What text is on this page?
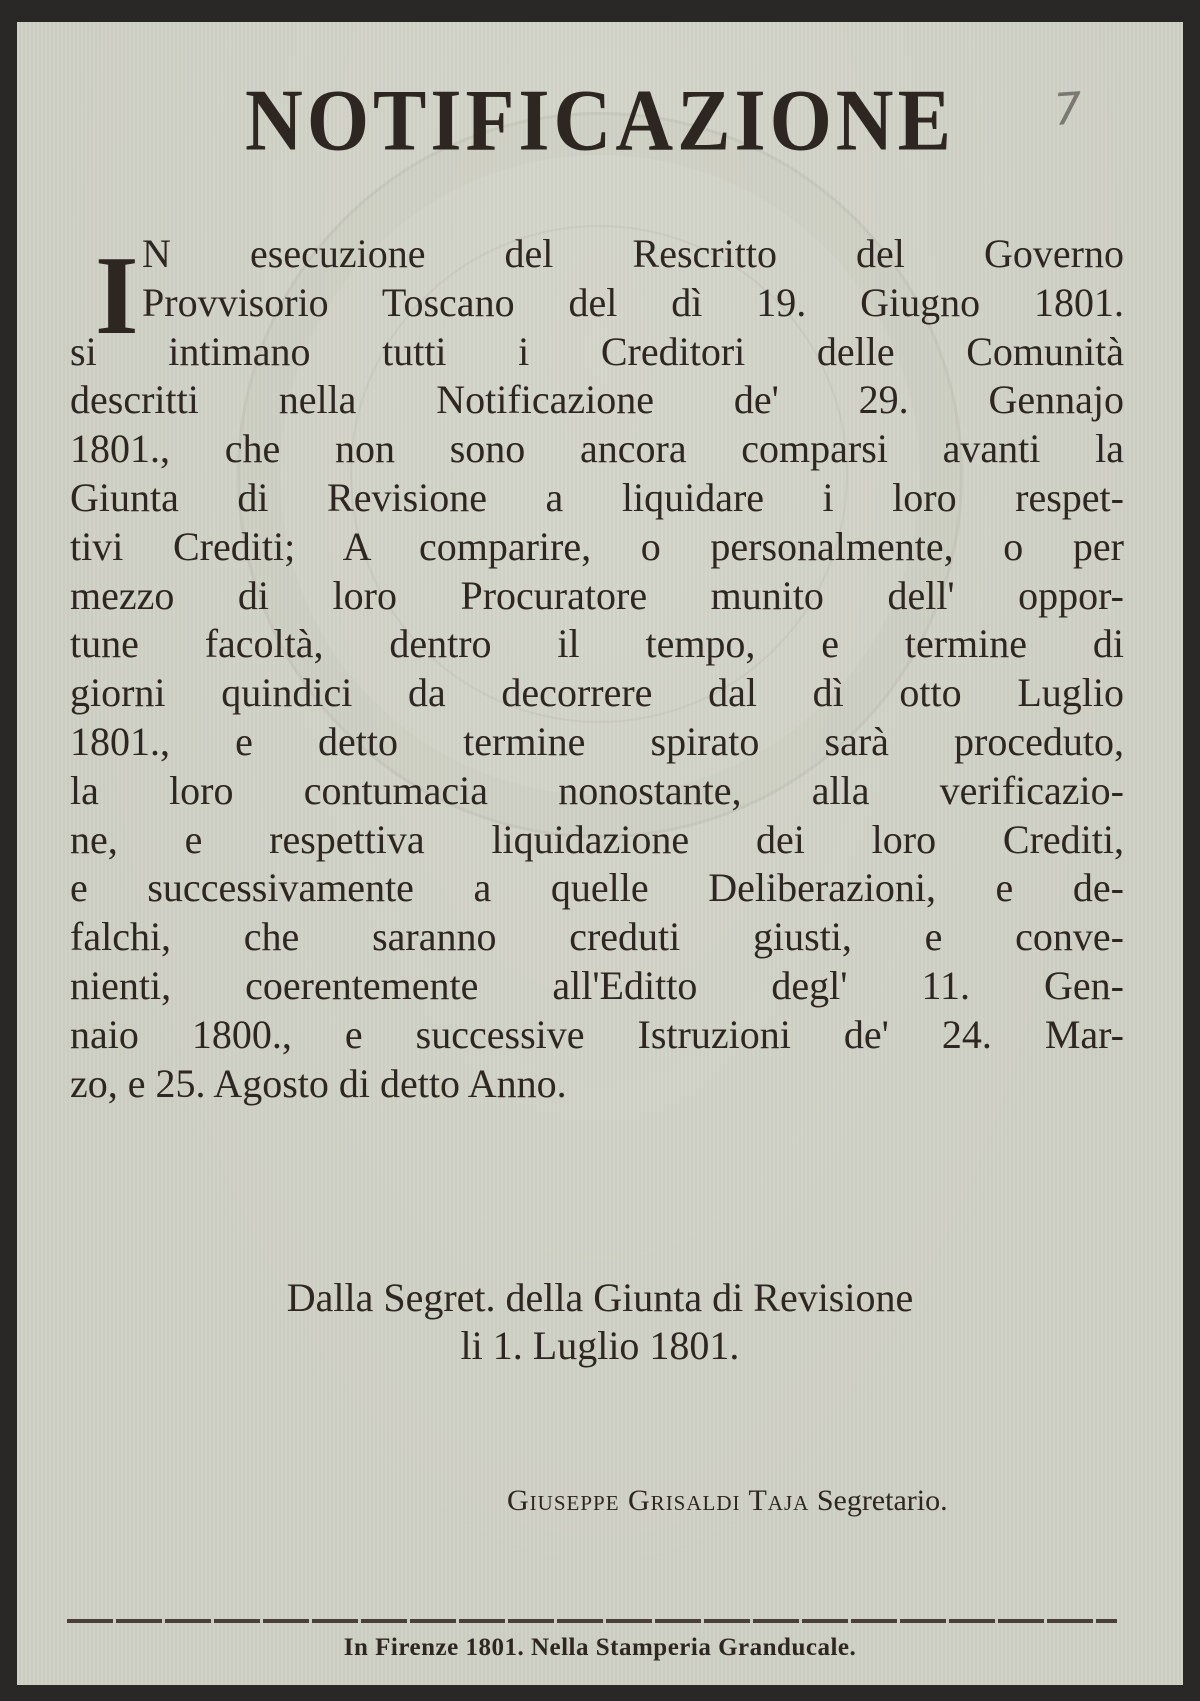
NOTIFICAZIONE	7
I N esecuzione del Rescritto del Governo
Provvisorio Toscano del dì 19. Giugno 1801.
si intimano tutti i Creditori delle Comunità
descritti nella Notificazione de' 29. Gennajo
1801., che non sono ancora comparsi avanti la
Giunta di Revisione a liquidare i loro respet-
tivi Crediti; A comparire, o personalmente, o per
mezzo di loro Procuratore munito dell' oppor-
tune facoltà, dentro il tempo, e termine di
giorni quindici da decorrere dal dì otto Luglio
1801., e detto termine spirato sarà proceduto,
la loro contumacia nonostante, alla verificazio-
ne, e respettiva liquidazione dei loro Crediti,
e successivamente a quelle Deliberazioni, e de-
falchi, che saranno creduti giusti, e conve-
nienti, coerentemente all'Editto degl' 11. Gen-
naio 1800., e successive Istruzioni de' 24. Mar-
zo, e 25. Agosto di detto Anno.
Dalla Segret. della Giunta di Revisione
li 1. Luglio 1801.
Giuseppe Grisaldi Taja Segretario.
In Firenze 1801. Nella Stamperia Granducale.
